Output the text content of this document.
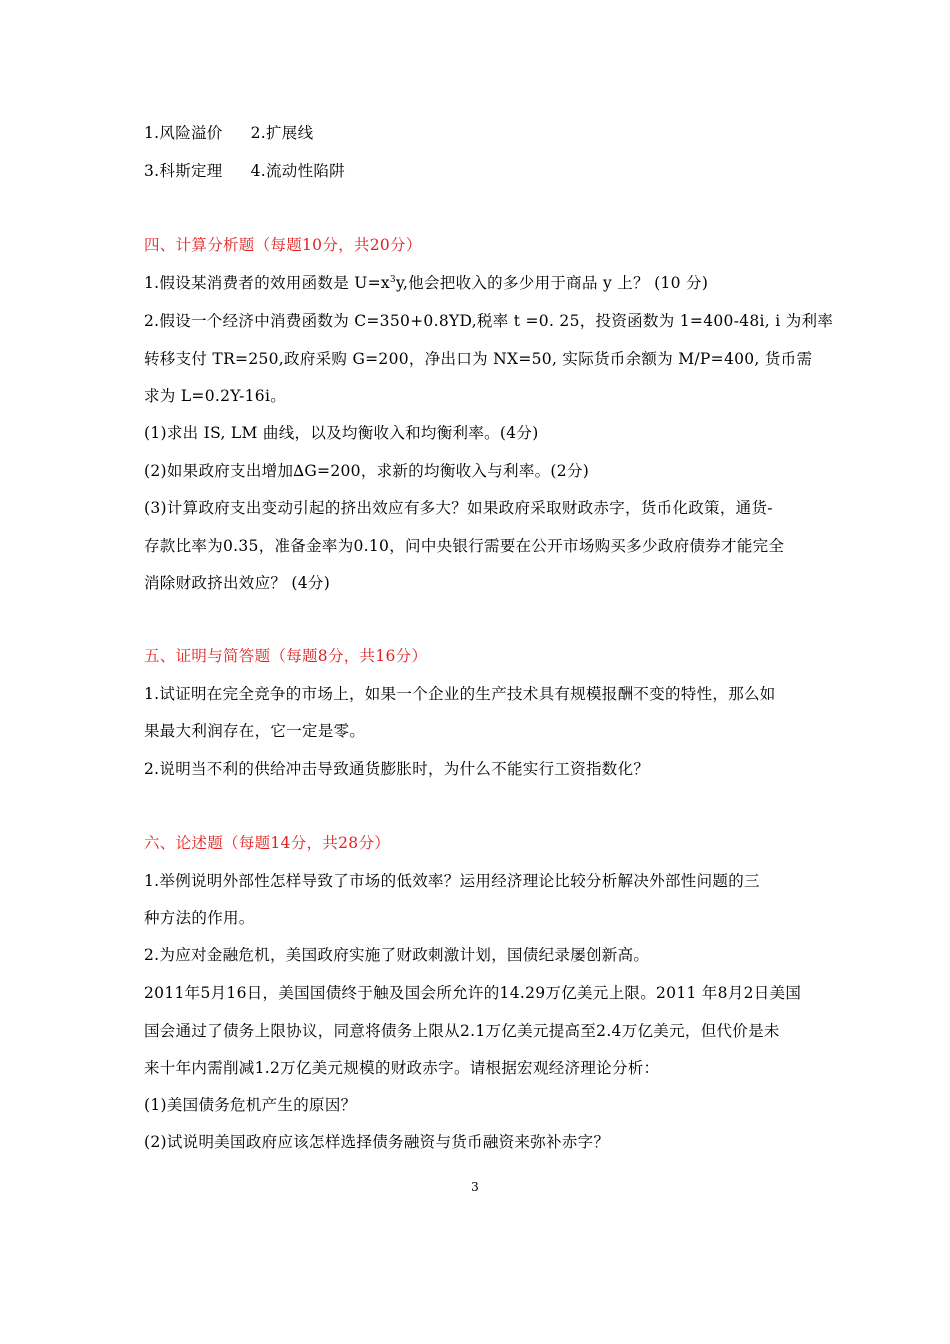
1.风险溢价 2.扩展线
3.科斯定理 4.流动性陷阱
四、计算分析题（每题10分，共20分）
1.假设某消费者的效用函数是 $U=x^3y$,他会把收入的多少用于商品 y 上？ (10 分)
2.假设一个经济中消费函数为 C=350+0.8YD,税率 t =0. 25，投资函数为 1=400-48i, i 为利率
转移支付 TR=250,政府采购 G=200，净出口为 NX=50, 实际货币余额为 M/P=400, 货币需
求为 L=0.2Y-16i。
(1)求出 IS, LM 曲线，以及均衡收入和均衡利率。(4分)
(2)如果政府支出增加∆G=200，求新的均衡收入与利率。(2分)
(3)计算政府支出变动引起的挤出效应有多大？如果政府采取财政赤字，货币化政策，通货-
存款比率为0.35，准备金率为0.10，问中央银行需要在公开市场购买多少政府债券才能完全
消除财政挤出效应？ (4分)
五、证明与简答题（每题8分，共16分）
1.试证明在完全竞争的市场上，如果一个企业的生产技术具有规模报酬不变的特性，那么如
果最大利润存在，它一定是零。
2.说明当不利的供给冲击导致通货膨胀时，为什么不能实行工资指数化？
六、论述题（每题14分，共28分）
1.举例说明外部性怎样导致了市场的低效率？运用经济理论比较分析解决外部性问题的三
种方法的作用。
2.为应对金融危机，美国政府实施了财政刺激计划，国债纪录屡创新高。
2011年5月16日，美国国债终于触及国会所允许的14.29万亿美元上限。2011 年8月2日美国
国会通过了债务上限协议，同意将债务上限从2.1万亿美元提高至2.4万亿美元，但代价是未
来十年内需削减1.2万亿美元规模的财政赤字。请根据宏观经济理论分析：
(1)美国债务危机产生的原因？
(2)试说明美国政府应该怎样选择债务融资与货币融资来弥补赤字？
3
